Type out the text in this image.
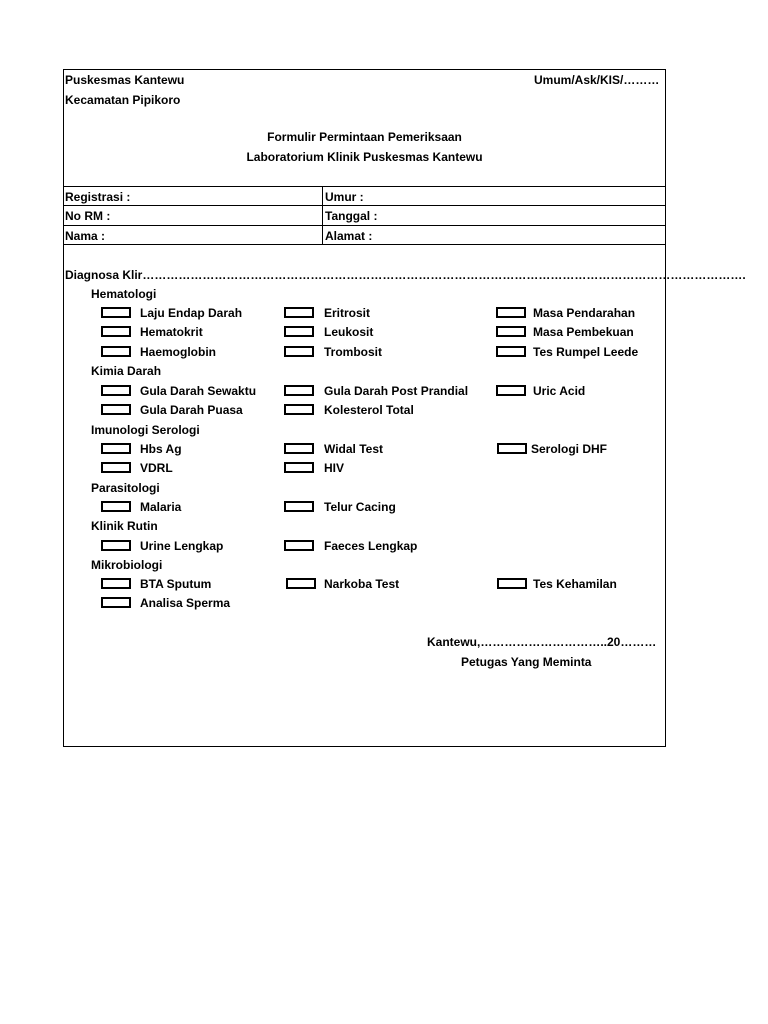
Puskesmas Kantewu
Kecamatan Pipikoro
Umum/Ask/KIS/………
Formulir Permintaan Pemeriksaan
Laboratorium Klinik Puskesmas Kantewu
Registrasi :	Umur :
No RM :	Tanggal :
Nama :	Alamat :
Diagnosa Klir…………………………………………………………………………………………………………………………………….
Hematologi
Laju Endap Darah	Eritrosit	Masa Pendarahan
Hematokrit	Leukosit	Masa Pembekuan
Haemoglobin	Trombosit	Tes Rumpel Leede
Kimia Darah
Gula Darah Sewaktu	Gula Darah Post Prandial	Uric Acid
Gula Darah Puasa	Kolesterol Total
Imunologi Serologi
Hbs Ag	Widal Test	Serologi DHF
VDRL	HIV
Parasitologi
Malaria	Telur Cacing
Klinik Rutin
Urine Lengkap	Faeces Lengkap
Mikrobiologi
BTA Sputum	Narkoba Test	Tes Kehamilan
Analisa Sperma
Kantewu,…………………………..20………
Petugas Yang Meminta
